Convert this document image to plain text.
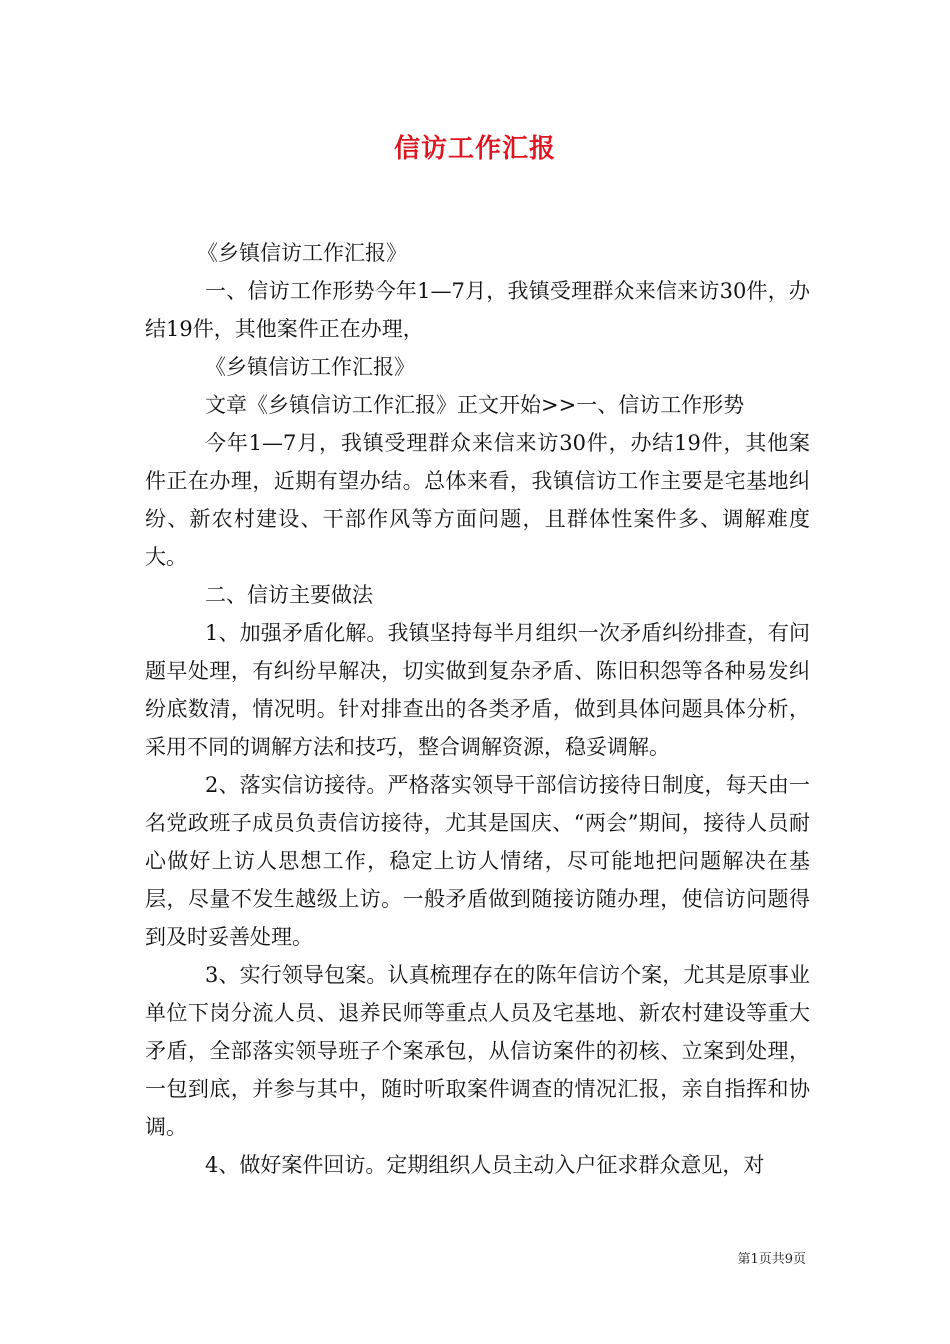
信访工作汇报

《乡镇信访工作汇报》

一、信访工作形势今年1—7月，我镇受理群众来信来访30件，办结19件，其他案件正在办理，

《乡镇信访工作汇报》

文章《乡镇信访工作汇报》正文开始>>一、信访工作形势

今年1—7月，我镇受理群众来信来访30件，办结19件，其他案件正在办理，近期有望办结。总体来看，我镇信访工作主要是宅基地纠纷、新农村建设、干部作风等方面问题，且群体性案件多、调解难度大。

二、信访主要做法

1、加强矛盾化解。我镇坚持每半月组织一次矛盾纠纷排查，有问题早处理，有纠纷早解决，切实做到复杂矛盾、陈旧积怨等各种易发纠纷底数清，情况明。针对排查出的各类矛盾，做到具体问题具体分析，采用不同的调解方法和技巧，整合调解资源，稳妥调解。

2、落实信访接待。严格落实领导干部信访接待日制度，每天由一名党政班子成员负责信访接待，尤其是国庆、“两会”期间，接待人员耐心做好上访人思想工作，稳定上访人情绪，尽可能地把问题解决在基层，尽量不发生越级上访。一般矛盾做到随接访随办理，使信访问题得到及时妥善处理。

3、实行领导包案。认真梳理存在的陈年信访个案，尤其是原事业单位下岗分流人员、退养民师等重点人员及宅基地、新农村建设等重大矛盾，全部落实领导班子个案承包，从信访案件的初核、立案到处理，一包到底，并参与其中，随时听取案件调查的情况汇报，亲自指挥和协调。

4、做好案件回访。定期组织人员主动入户征求群众意见，对

第1页共9页
